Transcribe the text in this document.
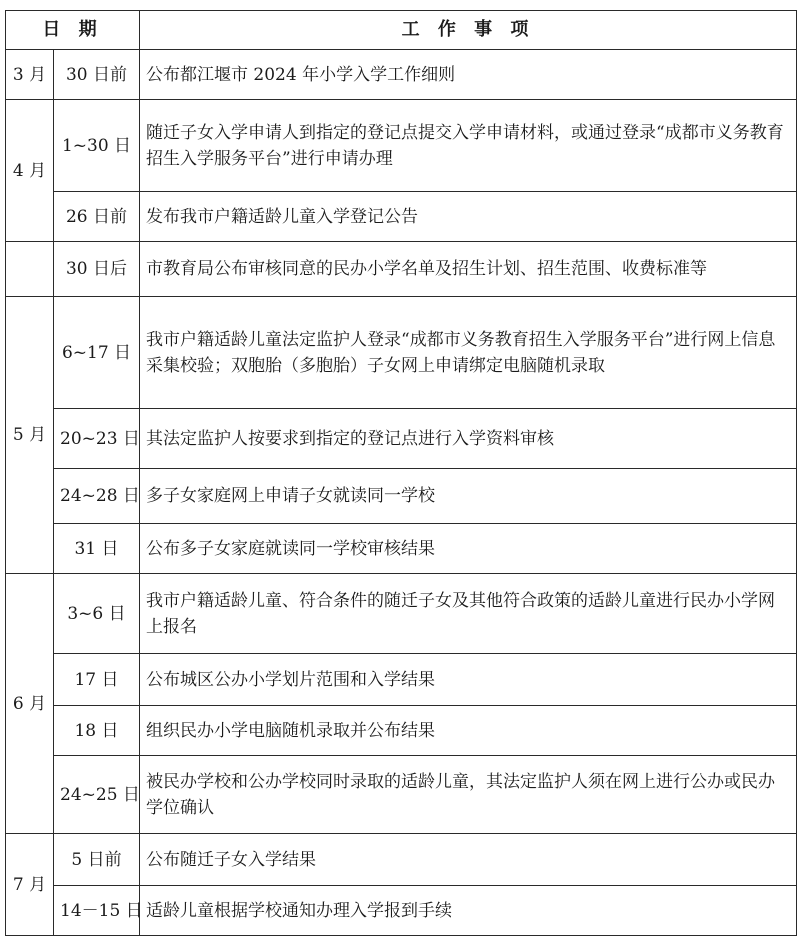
日 期		工 作 事 项
3 月	30 日前	公布都江堰市 2024 年小学入学工作细则
4 月	1~30 日	随迁子女入学申请人到指定的登记点提交入学申请材料，或通过登录“成都市义务教育招生入学服务平台”进行申请办理
	26 日前	发布我市户籍适龄儿童入学登记公告
	30 日后	市教育局公布审核同意的民办小学名单及招生计划、招生范围、收费标准等
5 月	6~17 日	我市户籍适龄儿童法定监护人登录“成都市义务教育招生入学服务平台”进行网上信息采集校验；双胞胎（多胞胎）子女网上申请绑定电脑随机录取
	20~23 日	其法定监护人按要求到指定的登记点进行入学资料审核
	24~28 日	多子女家庭网上申请子女就读同一学校
	31 日	公布多子女家庭就读同一学校审核结果
6 月	3~6 日	我市户籍适龄儿童、符合条件的随迁子女及其他符合政策的适龄儿童进行民办小学网上报名
	17 日	公布城区公办小学划片范围和入学结果
	18 日	组织民办小学电脑随机录取并公布结果
	24~25 日	被民办学校和公办学校同时录取的适龄儿童，其法定监护人须在网上进行公办或民办学位确认
7 月	5 日前	公布随迁子女入学结果
	14－15 日	适龄儿童根据学校通知办理入学报到手续
